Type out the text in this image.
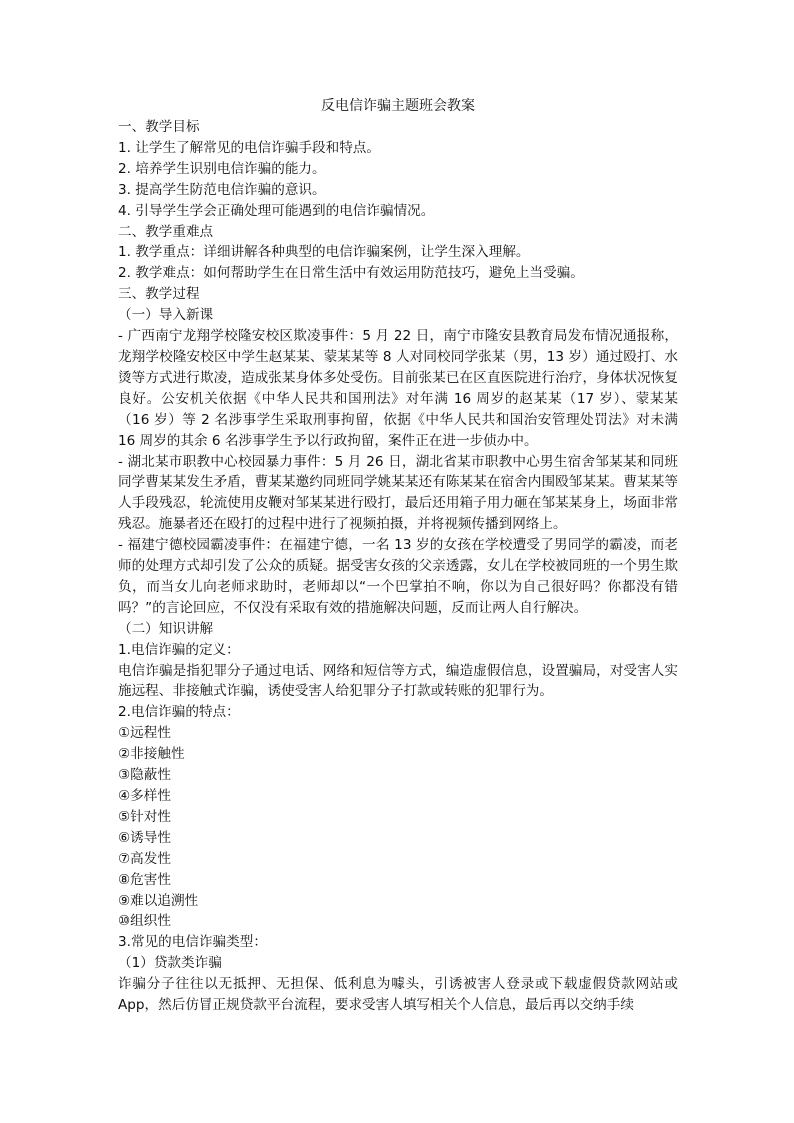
反电信诈骗主题班会教案

一、教学目标

1. 让学生了解常见的电信诈骗手段和特点。

2. 培养学生识别电信诈骗的能力。

3. 提高学生防范电信诈骗的意识。

4. 引导学生学会正确处理可能遇到的电信诈骗情况。

二、教学重难点

1. 教学重点：详细讲解各种典型的电信诈骗案例，让学生深入理解。

2. 教学难点：如何帮助学生在日常生活中有效运用防范技巧，避免上当受骗。

三、教学过程

（一）导入新课

- 广西南宁龙翔学校隆安校区欺凌事件：5 月 22 日，南宁市隆安县教育局发布情况通报称，龙翔学校隆安校区中学生赵某某、蒙某某等 8 人对同校同学张某（男，13 岁）通过殴打、水烫等方式进行欺凌，造成张某身体多处受伤。目前张某已在区直医院进行治疗，身体状况恢复良好。公安机关依据《中华人民共和国刑法》对年满 16 周岁的赵某某（17 岁）、蒙某某（16 岁）等 2 名涉事学生采取刑事拘留，依据《中华人民共和国治安管理处罚法》对未满 16 周岁的其余 6 名涉事学生予以行政拘留，案件正在进一步侦办中。

- 湖北某市职教中心校园暴力事件：5 月 26 日，湖北省某市职教中心男生宿舍邹某某和同班同学曹某某发生矛盾，曹某某邀约同班同学姚某某还有陈某某在宿舍内围殴邹某某。曹某某等人手段残忍，轮流使用皮鞭对邹某某进行殴打，最后还用箱子用力砸在邹某某身上，场面非常残忍。施暴者还在殴打的过程中进行了视频拍摄，并将视频传播到网络上。

- 福建宁德校园霸凌事件：在福建宁德，一名 13 岁的女孩在学校遭受了男同学的霸凌，而老师的处理方式却引发了公众的质疑。据受害女孩的父亲透露，女儿在学校被同班的一个男生欺负，而当女儿向老师求助时，老师却以“一个巴掌拍不响，你以为自己很好吗？你都没有错吗？”的言论回应，不仅没有采取有效的措施解决问题，反而让两人自行解决。

（二）知识讲解

1.电信诈骗的定义：

电信诈骗是指犯罪分子通过电话、网络和短信等方式，编造虚假信息，设置骗局，对受害人实施远程、非接触式诈骗，诱使受害人给犯罪分子打款或转账的犯罪行为。

2.电信诈骗的特点：

①远程性

②非接触性

③隐蔽性

④多样性

⑤针对性

⑥诱导性

⑦高发性

⑧危害性

⑨难以追溯性

⑩组织性

3.常见的电信诈骗类型：

（1）贷款类诈骗

诈骗分子往往以无抵押、无担保、低利息为噱头，引诱被害人登录或下载虚假贷款网站或 App，然后仿冒正规贷款平台流程，要求受害人填写相关个人信息，最后再以交纳手续
